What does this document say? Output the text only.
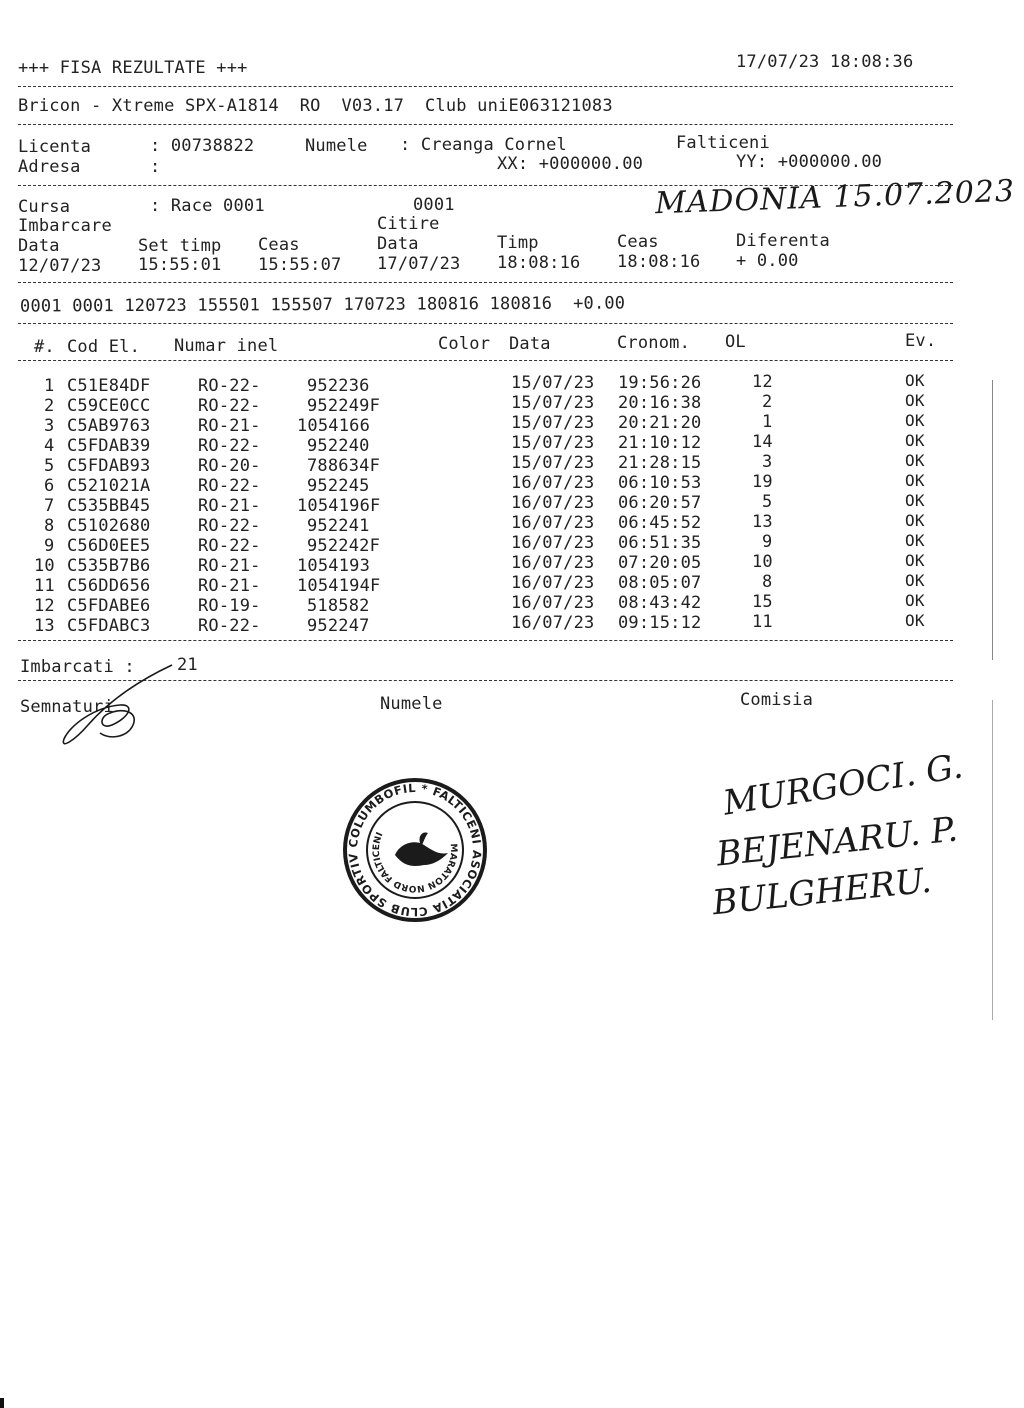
+++ FISA REZULTATE +++	17/07/23 18:08:36
Bricon - Xtreme SPX-A1814  RO  V03.17  Club uniE063121083
Licenta	: 00738822	Numele : Creanga Cornel	Falticeni
Adresa	:	XX: +000000.00	YY: +000000.00
Cursa	: Race 0001	0001	MADONIA 15.07.2023
Imbarcare	Citire
Data	Set timp Ceas	Data	Timp	Ceas	Diferenta
12/07/23 15:55:01 15:55:07 17/07/23 18:08:16 18:08:16 + 0.00
0001 0001 120723 155501 155507 170723 180816 180816  +0.00
#. Cod El. Numar inel	Color Data	Cronom. OL	Ev.
1 C51E84DF	RO-22-	952236	15/07/23 19:56:26	12	OK
2 C59CE0CC	RO-22-	952249F	15/07/23 20:16:38	2	OK
3 C5AB9763	RO-21- 1054166	15/07/23 20:21:20	1	OK
4 C5FDAB39	RO-22-	952240	15/07/23 21:10:12	14	OK
5 C5FDAB93	RO-20-	788634F	15/07/23 21:28:15	3	OK
6 C521021A	RO-22-	952245	16/07/23 06:10:53	19	OK
7 C535BB45	RO-21- 1054196F	16/07/23 06:20:57	5	OK
8 C5102680	RO-22-	952241	16/07/23 06:45:52	13	OK
9 C56D0EE5	RO-22-	952242F	16/07/23 06:51:35	9	OK
10 C535B7B6	RO-21- 1054193	16/07/23 07:20:05	10	OK
11 C56DD656	RO-21- 1054194F	16/07/23 08:05:07	8	OK
12 C5FDABE6	RO-19-	518582	16/07/23 08:43:42	15	OK
13 C5FDABC3	RO-22-	952247	16/07/23 09:15:12	11	OK
Imbarcati : 21
Semnaturi	Numele	Comisia
ASOCIATIA CLUB SPORTIV COLUMBOFIL * FALTICENI *
MARATON NORD FALTICENI
MURGOCI. G.
BEJENARU. P.
BULGHERU.
